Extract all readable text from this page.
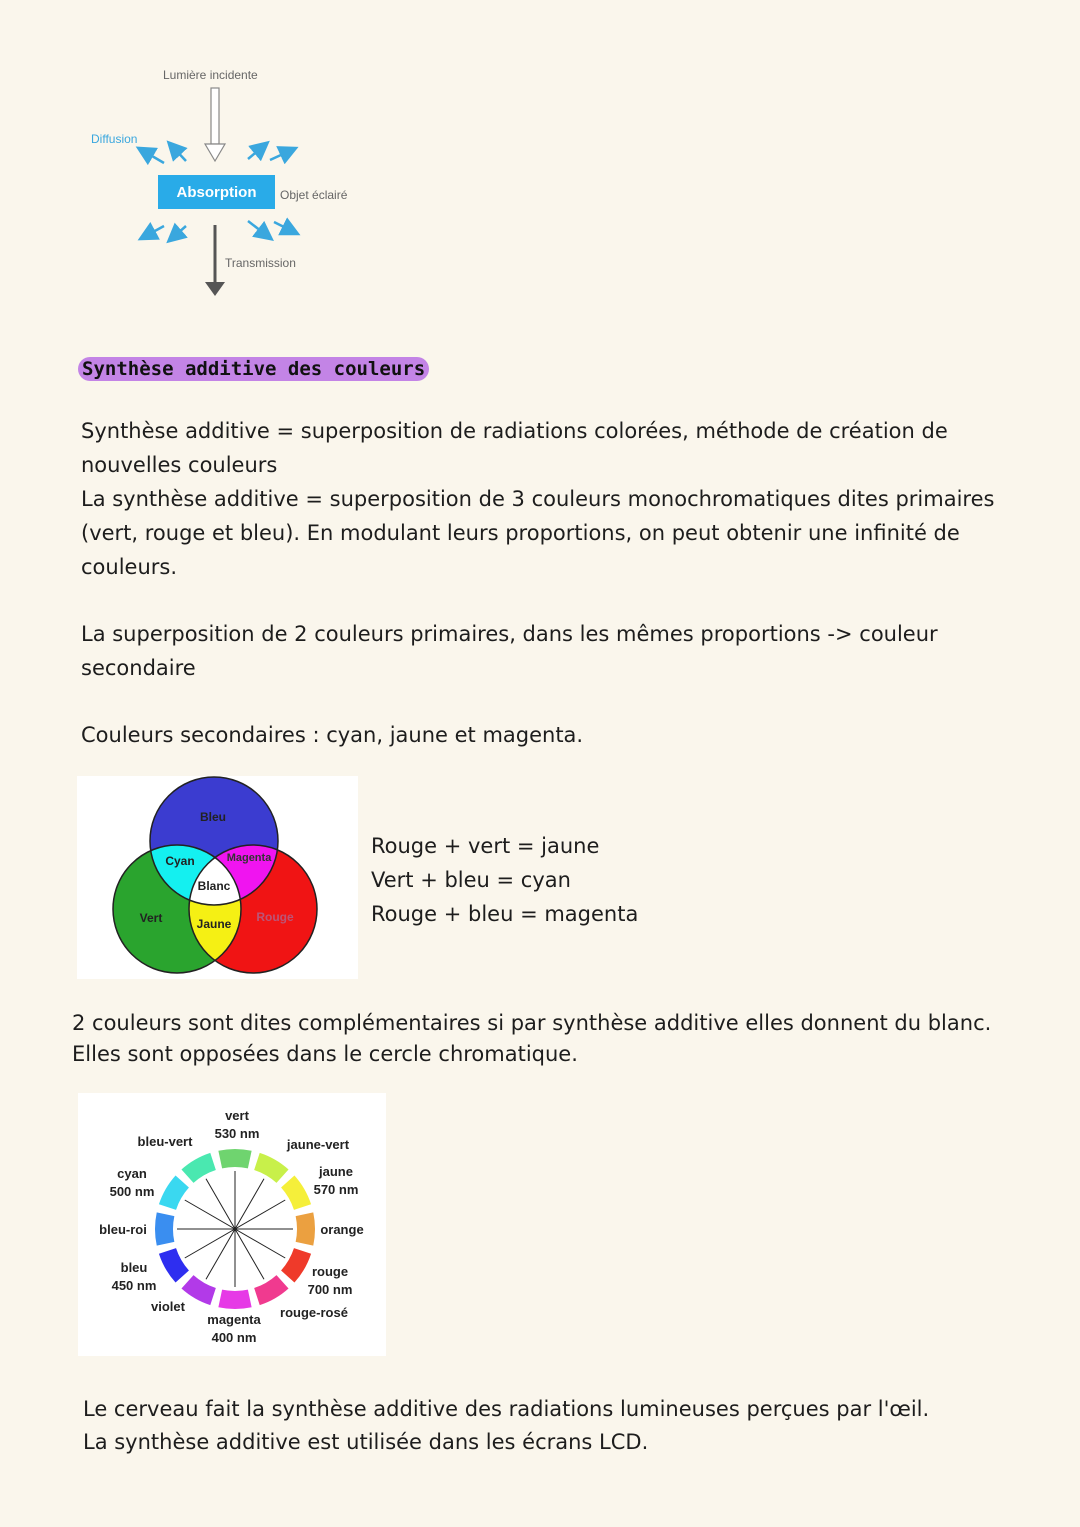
Lumière incidente
Diffusion
Absorption	Objet éclairé
Transmission
Synthèse additive des couleurs
Synthèse additive = superposition de radiations colorées, méthode de création de
nouvelles couleurs
La synthèse additive = superposition de 3 couleurs monochromatiques dites primaires
(vert, rouge et bleu). En modulant leurs proportions, on peut obtenir une infinité de
couleurs.
La superposition de 2 couleurs primaires, dans les mêmes proportions -> couleur
secondaire
Couleurs secondaires : cyan, jaune et magenta.
Bleu
Cyan	Magenta
Blanc
Vert	Jaune	Rouge
Rouge + vert = jaune
Vert + bleu = cyan
Rouge + bleu = magenta
2 couleurs sont dites complémentaires si par synthèse additive elles donnent du blanc.
Elles sont opposées dans le cercle chromatique.
vert
530 nm
bleu-vert	jaune-vert
cyan
500 nm
jaune
570 nm
bleu-roi	orange
bleu
450 nm
rouge
700 nm
violet	rouge-rosé
magenta
400 nm
Le cerveau fait la synthèse additive des radiations lumineuses perçues par l'œil.
La synthèse additive est utilisée dans les écrans LCD.
